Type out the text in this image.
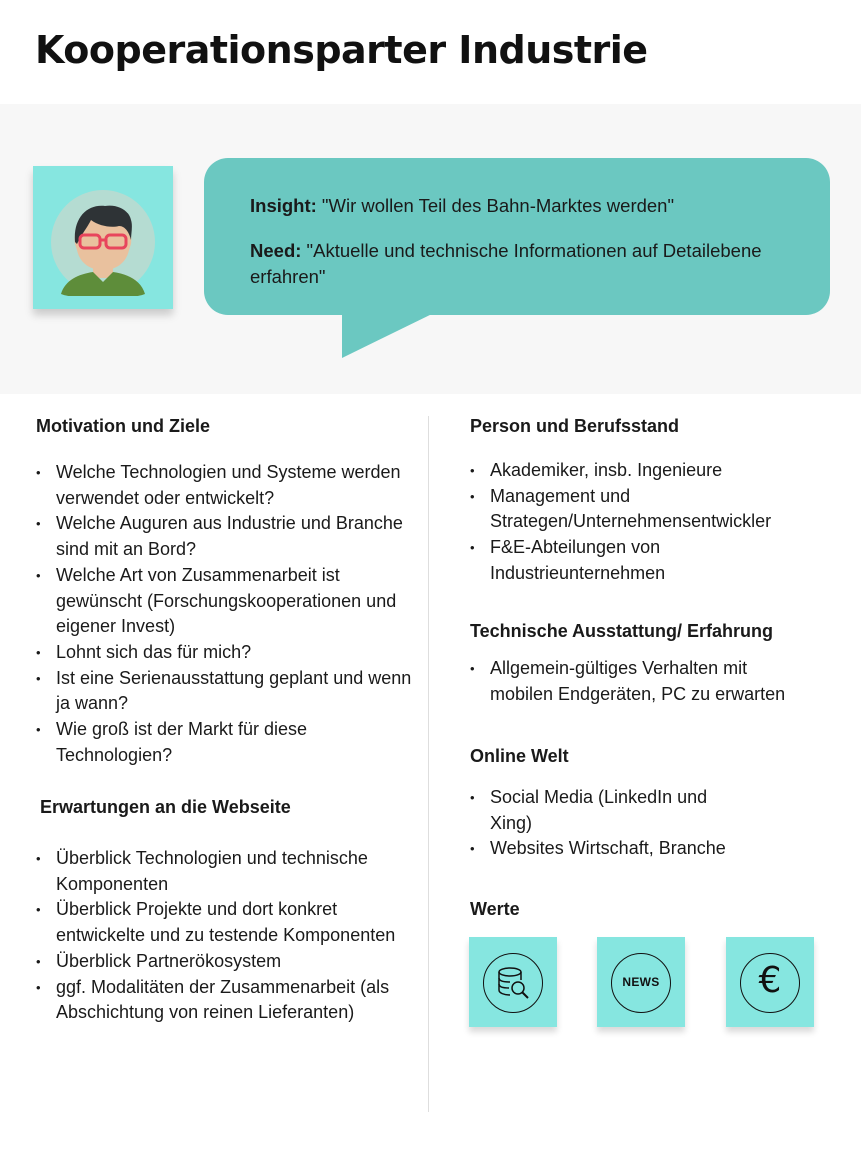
Kooperationsparter Industrie

Insight: "Wir wollen Teil des Bahn-Marktes werden"

Need: "Aktuelle und technische Informationen auf Detailebene erfahren"

Motivation und Ziele
• Welche Technologien und Systeme werden verwendet oder entwickelt?
• Welche Auguren aus Industrie und Branche sind mit an Bord?
• Welche Art von Zusammenarbeit ist gewünscht (Forschungskooperationen und eigener Invest)
• Lohnt sich das für mich?
• Ist eine Serienausstattung geplant und wenn ja wann?
• Wie groß ist der Markt für diese Technologien?
Erwartungen an die Webseite
• Überblick Technologien und technische Komponenten
• Überblick Projekte und dort konkret entwickelte und zu testende Komponenten
• Überblick Partnerökosystem
• ggf. Modalitäten der Zusammenarbeit (als Abschichtung von reinen Lieferanten)
Person und Berufsstand
• Akademiker, insb. Ingenieure
• Management und Strategen/Unternehmensentwickler
• F&E-Abteilungen von Industrieunternehmen
Technische Ausstattung/ Erfahrung
• Allgemein-gültiges Verhalten mit mobilen Endgeräten, PC zu erwarten
Online Welt
• Social Media (LinkedIn und Xing)
• Websites Wirtschaft, Branche
Werte
NEWS	€
